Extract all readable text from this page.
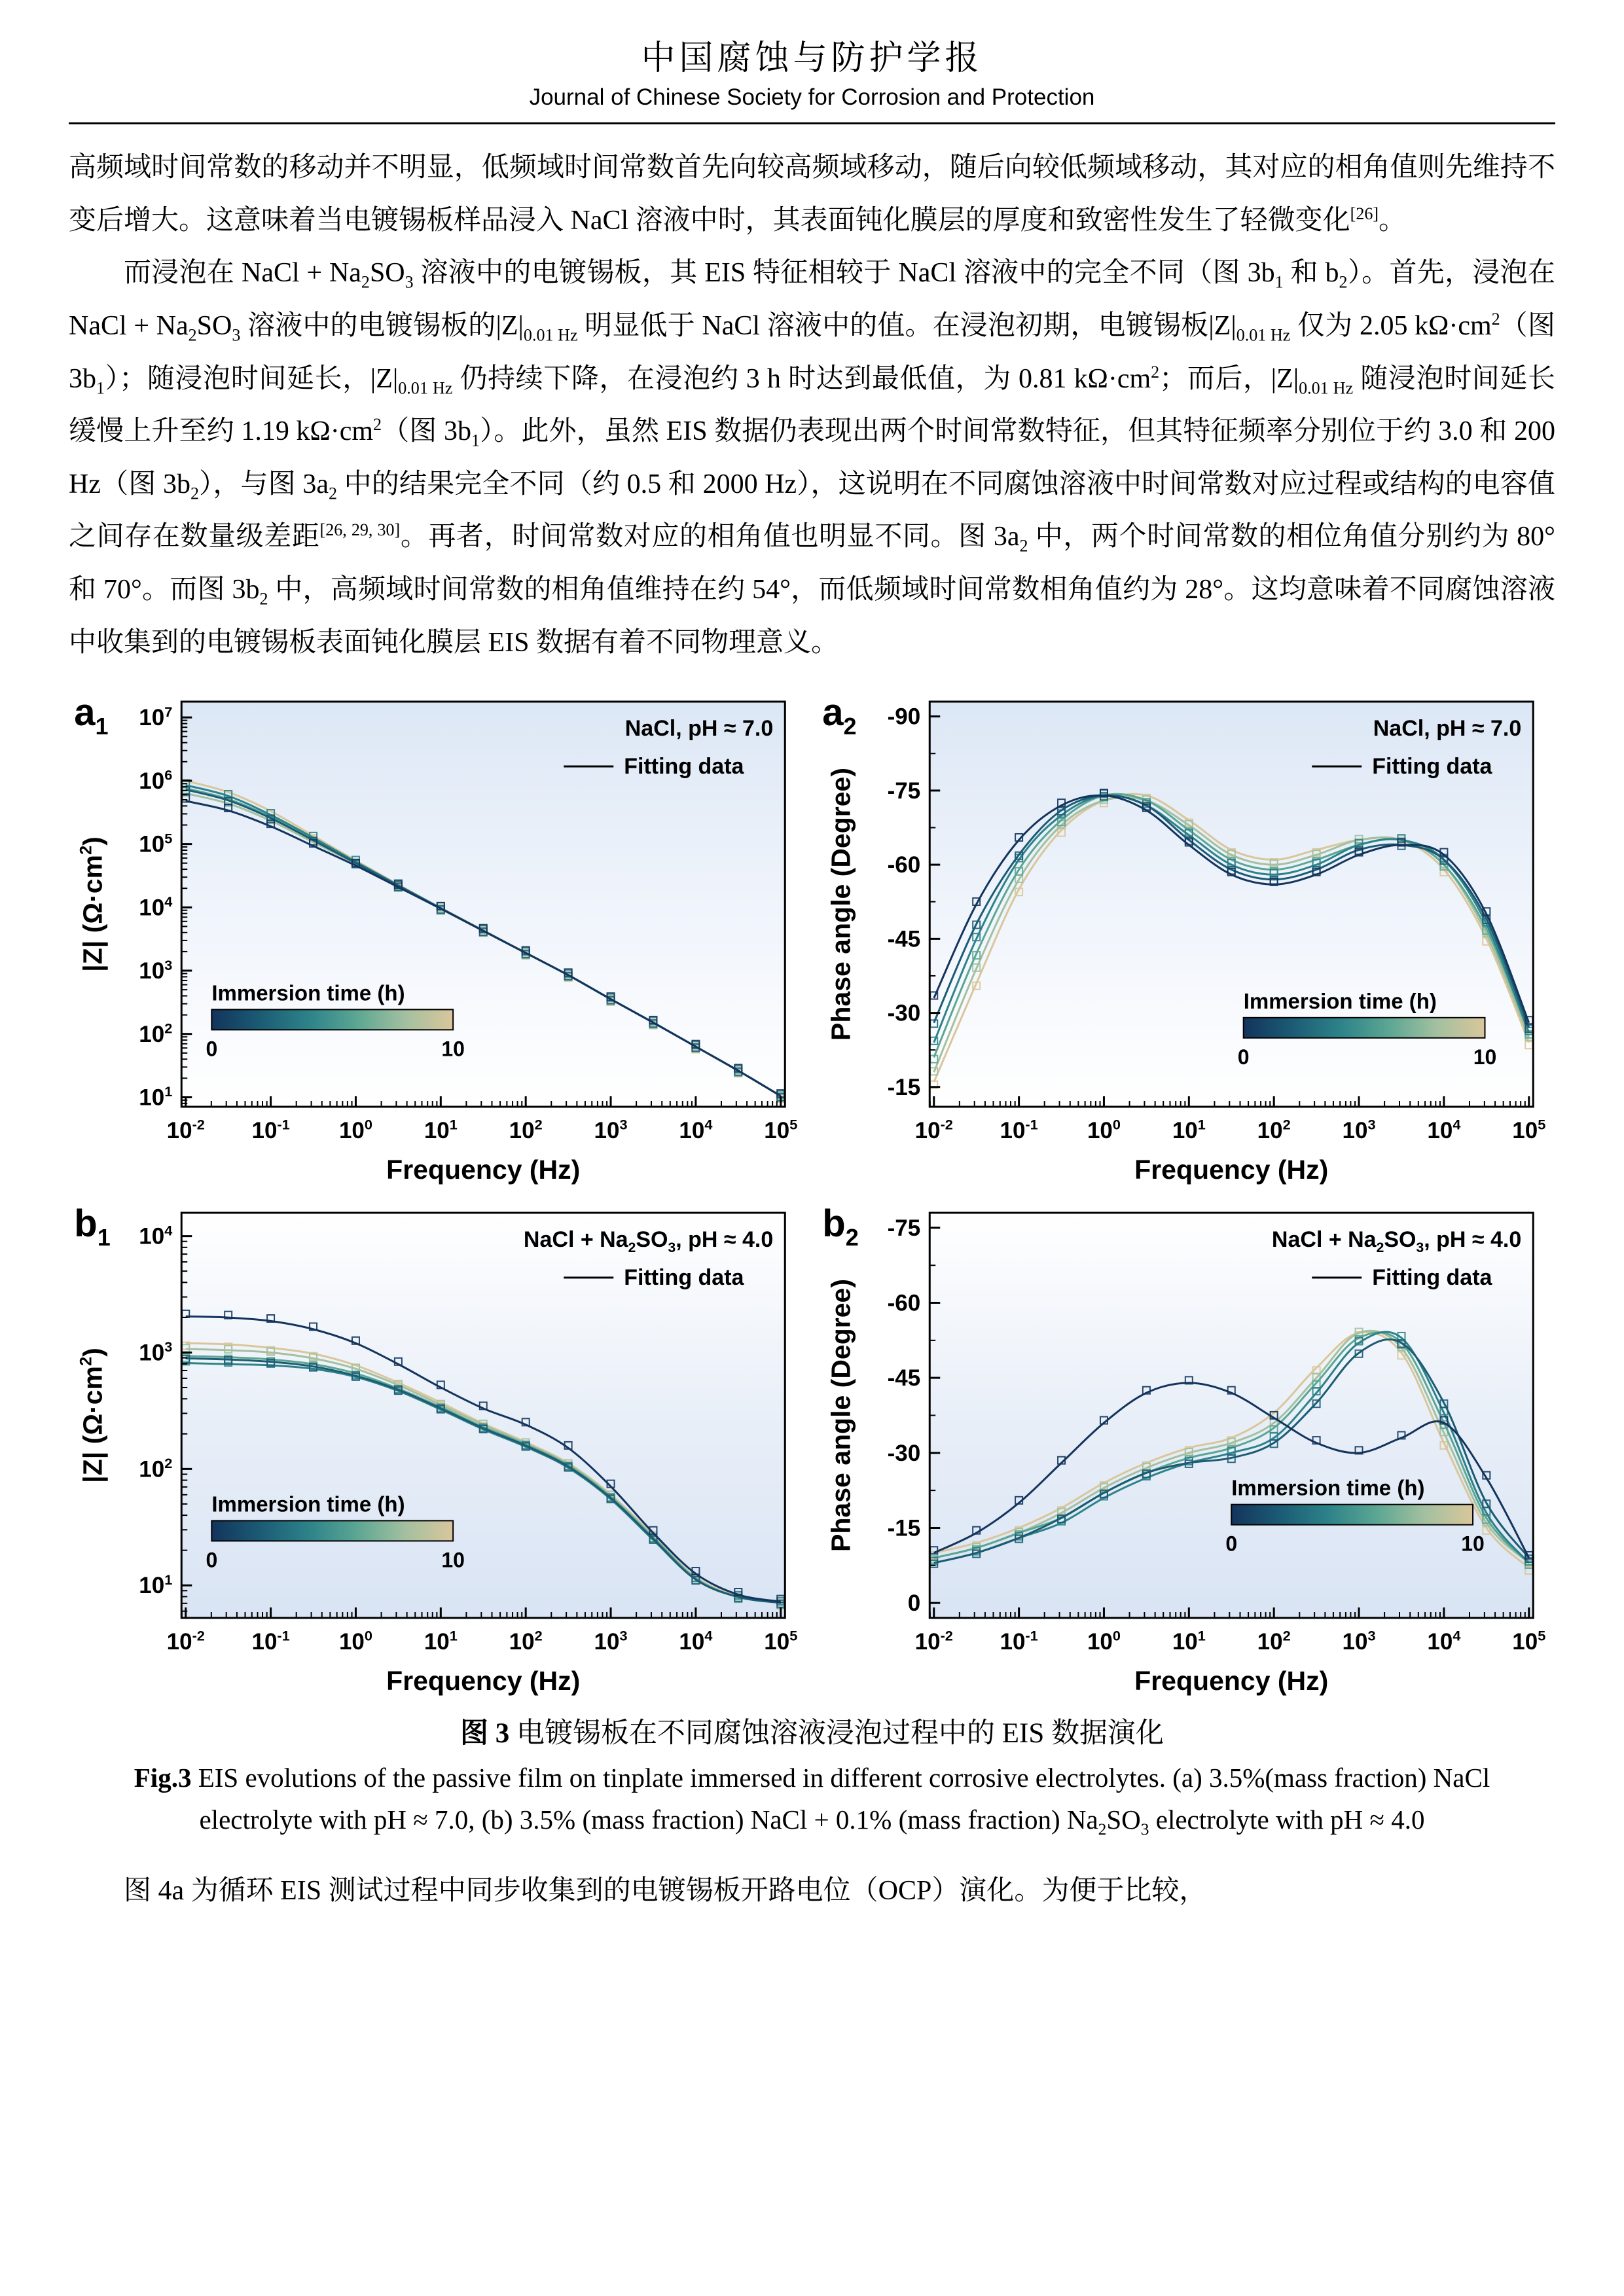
中国腐蚀与防护学报
Journal of Chinese Society for Corrosion and Protection

高频域时间常数的移动并不明显，低频域时间常数首先向较高频域移动，随后向较低频域移动，其对应的相角值则先维持不变后增大。这意味着当电镀锡板样品浸入 NaCl 溶液中时，其表面钝化膜层的厚度和致密性发生了轻微变化[26]。

而浸泡在 NaCl + $Na_2SO_3$ 溶液中的电镀锡板，其 EIS 特征相较于 NaCl 溶液中的完全不同（图 $3b_1$ 和 $b_2$）。首先，浸泡在 NaCl + $Na_2SO_3$ 溶液中的电镀锡板的$|Z|_{0.01 Hz}$ 明显低于 NaCl 溶液中的值。在浸泡初期，电镀锡板$|Z|_{0.01 Hz}$ 仅为 2.05 $k\Omega\cdot cm^2$（图 $3b_1$）；随浸泡时间延长，$|Z|_{0.01 Hz}$ 仍持续下降，在浸泡约 3 h 时达到最低值，为 0.81 $k\Omega\cdot cm^2$；而后，$|Z|_{0.01 Hz}$ 随浸泡时间延长缓慢上升至约 1.19 $k\Omega\cdot cm^2$（图 $3b_1$）。此外，虽然 EIS 数据仍表现出两个时间常数特征，但其特征频率分别位于约 3.0 和 200 Hz（图 $3b_2$），与图 $3a_2$ 中的结果完全不同（约 0.5 和 2000 Hz），这说明在不同腐蚀溶液中时间常数对应过程或结构的电容值之间存在数量级差距[26, 29, 30]。再者，时间常数对应的相角值也明显不同。图 $3a_2$ 中，两个时间常数的相位角值分别约为 80° 和 70°。而图 $3b_2$ 中，高频域时间常数的相角值维持在约 54°，而低频域时间常数相角值约为 28°。这均意味着不同腐蚀溶液中收集到的电镀锡板表面钝化膜层 EIS 数据有着不同物理意义。

$10^{-2}$ $10^{-1}$ $10^0$ $10^1$ $10^2$ $10^3$ $10^4$ $10^5$
$10^1$
$10^2$
$10^3$
$10^4$
$10^5$
$10^6$
$10^7$
Frequency (Hz)
|Z| $(\Omega\cdot cm^2)$
NaCl, pH ≈ 7.0
Fitting data
Immersion time (h)
0	10
$a_1$
$10^{-2}$ $10^{-1}$ $10^0$ $10^1$ $10^2$ $10^3$ $10^4$ $10^5$
-90
-75
-60
-45
-30
-15
Frequency (Hz)
Phase angle (Degree)
NaCl, pH ≈ 7.0
Fitting data
Immersion time (h)
0	10
$a_2$
$10^{-2}$ $10^{-1}$ $10^0$ $10^1$ $10^2$ $10^3$ $10^4$ $10^5$
$10^1$
$10^2$
$10^3$
$10^4$
Frequency (Hz)
|Z| $(\Omega\cdot cm^2)$
NaCl + $Na_2SO_3$, pH ≈ 4.0
Fitting data
Immersion time (h)
0	10
$b_1$
$10^{-2}$ $10^{-1}$ $10^0$ $10^1$ $10^2$ $10^3$ $10^4$ $10^5$
-75
-60
-45
-30
-15
0
Frequency (Hz)
Phase angle (Degree)
NaCl + $Na_2SO_3$, pH ≈ 4.0
Fitting data
Immersion time (h)
0	10
$b_2$
图 3 电镀锡板在不同腐蚀溶液浸泡过程中的 EIS 数据演化
Fig.3 EIS evolutions of the passive film on tinplate immersed in different corrosive electrolytes. (a) 3.5%(mass fraction) NaCl electrolyte with pH ≈ 7.0, (b) 3.5% (mass fraction) NaCl + 0.1% (mass fraction) $Na_2SO_3$ electrolyte with pH ≈ 4.0

图 4a 为循环 EIS 测试过程中同步收集到的电镀锡板开路电位（OCP）演化。为便于比较，
